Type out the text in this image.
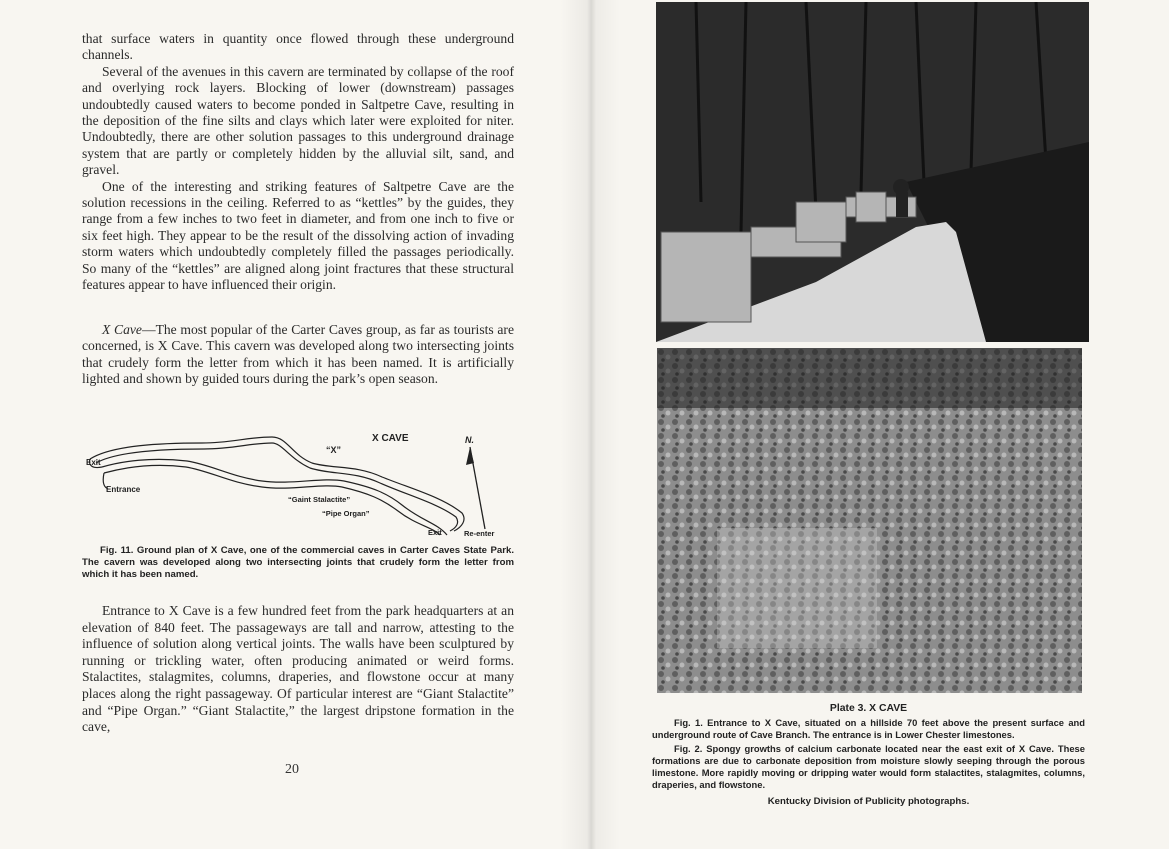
that surface waters in quantity once flowed through these underground channels.

Several of the avenues in this cavern are terminated by collapse of the roof and overlying rock layers. Blocking of lower (downstream) passages undoubtedly caused waters to become ponded in Saltpetre Cave, resulting in the deposition of the fine silts and clays which later were exploited for niter. Undoubtedly, there are other solution passages to this underground drainage system that are partly or completely hidden by the alluvial silt, sand, and gravel.

One of the interesting and striking features of Saltpetre Cave are the solution recessions in the ceiling. Referred to as “kettles” by the guides, they range from a few inches to two feet in diameter, and from one inch to five or six feet high. They appear to be the result of the dissolving action of invading storm waters which undoubtedly completely filled the passages periodically. So many of the “kettles” are aligned along joint fractures that these structural features appear to have influenced their origin.

X Cave—The most popular of the Carter Caves group, as far as tourists are concerned, is X Cave. This cavern was developed along two intersecting joints that crudely form the letter from which it has been named. It is artificially lighted and shown by guided tours during the park’s open season.

X CAVE	N.
“X”
Exit
Entrance
“Gaint Stalactite”
“Pipe Organ”
Exit	Re-enter

Fig. 11. Ground plan of X Cave, one of the commercial caves in Carter Caves State Park. The cavern was developed along two intersecting joints that crudely form the letter from which it has been named.

Entrance to X Cave is a few hundred feet from the park headquarters at an elevation of 840 feet. The passageways are tall and narrow, attesting to the influence of solution along vertical joints. The walls have been sculptured by running or trickling water, often producing animated or weird forms. Stalactites, stalagmites, columns, draperies, and flowstone occur at many places along the right passageway. Of particular interest are “Giant Stalactite” and “Pipe Organ.” “Giant Stalactite,” the largest dripstone formation in the cave,

20

Plate 3. X CAVE

Fig. 1. Entrance to X Cave, situated on a hillside 70 feet above the present surface and underground route of Cave Branch. The entrance is in Lower Chester limestones.

Fig. 2. Spongy growths of calcium carbonate located near the east exit of X Cave. These formations are due to carbonate deposition from moisture slowly seeping through the porous limestone. More rapidly moving or dripping water would form stalactites, stalagmites, columns, draperies, and flowstone.

Kentucky Division of Publicity photographs.
